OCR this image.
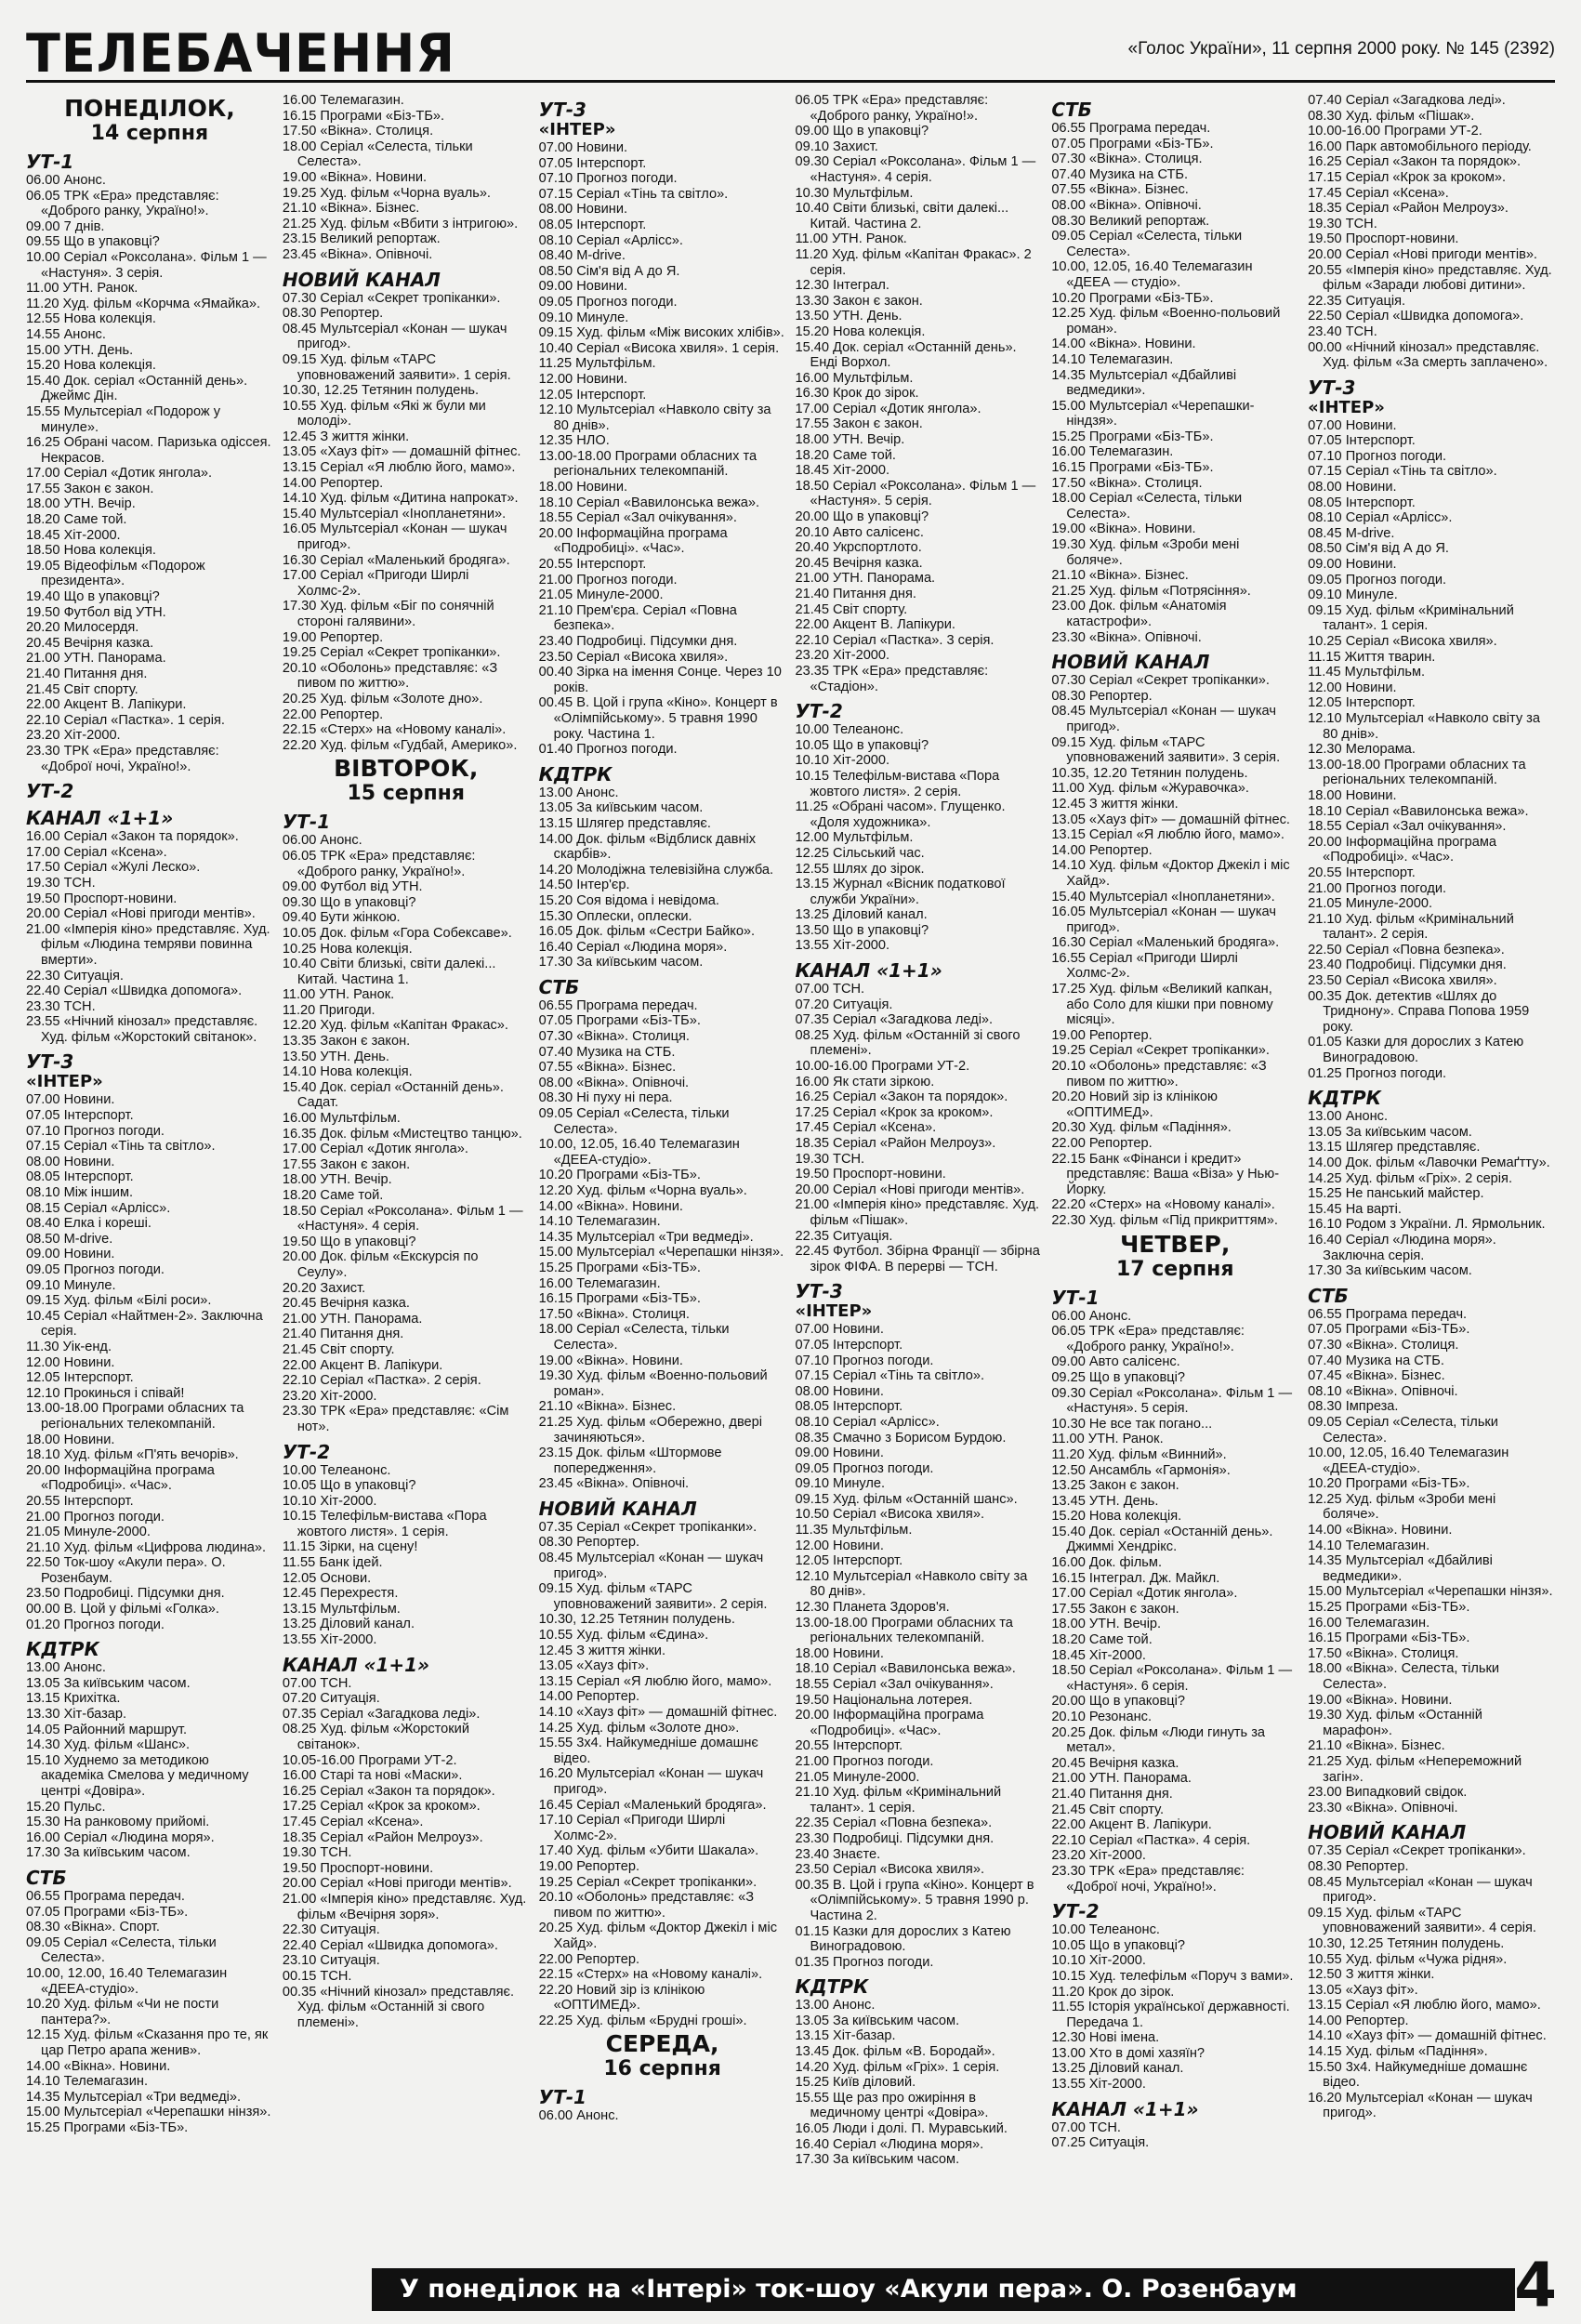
ТЕЛЕБАЧЕННЯ	«Голос України», 11 серпня 2000 року. № 145 (2392)
ПОНЕДІЛОК,
14 серпня
УТ-1
06.00 Анонс.
06.05 ТРК «Ера» представляє: «Доброго ранку, Україно!».
09.00 7 днів.
09.55 Що в упаковці?
10.00 Серіал «Роксолана». Фільм 1 — «Настуня». 3 серія.
11.00 УТН. Ранок.
11.20 Худ. фільм «Корчма «Ямайка».
12.55 Нова колекція.
14.55 Анонс.
15.00 УТН. День.
15.20 Нова колекція.
15.40 Док. серіал «Останній день». Джеймс Дін.
15.55 Мультсеріал «Подорож у минуле».
16.25 Обрані часом. Паризька одіссея. Некрасов.
17.00 Серіал «Дотик янгола».
17.55 Закон є закон.
18.00 УТН. Вечір.
18.20 Саме той.
18.45 Хіт-2000.
18.50 Нова колекція.
19.05 Відеофільм «Подорож президента».
19.40 Що в упаковці?
19.50 Футбол від УТН.
20.20 Милосердя.
20.45 Вечірня казка.
21.00 УТН. Панорама.
21.40 Питання дня.
21.45 Світ спорту.
22.00 Акцент В. Лапікури.
22.10 Серіал «Пастка». 1 серія.
23.20 Хіт-2000.
23.30 ТРК «Ера» представляє: «Доброї ночі, Україно!».
УТ-2
КАНАЛ «1+1»
16.00 Серіал «Закон та порядок».
17.00 Серіал «Ксена».
17.50 Серіал «Жулі Леско».
19.30 ТСН.
19.50 Проспорт-новини.
20.00 Серіал «Нові пригоди ментів».
21.00 «Імперія кіно» представляє. Худ. фільм «Людина темряви повинна вмерти».
22.30 Ситуація.
22.40 Серіал «Швидка допомога».
23.30 ТСН.
23.55 «Нічний кінозал» представляє. Худ. фільм «Жорстокий світанок».
УТ-3
«ІНТЕР»
07.00 Новини.
07.05 Інтерспорт.
07.10 Прогноз погоди.
07.15 Серіал «Тінь та світло».
08.00 Новини.
08.05 Інтерспорт.
08.10 Між іншим.
08.15 Серіал «Арлісс».
08.40 Елка і кореші.
08.50 M-drive.
09.00 Новини.
09.05 Прогноз погоди.
09.10 Минуле.
09.15 Худ. фільм «Білі роси».
10.45 Серіал «Найтмен-2». Заключна серія.
11.30 Уік-енд.
12.00 Новини.
12.05 Інтерспорт.
12.10 Прокинься і співай!
13.00-18.00 Програми обласних та регіональних телекомпаній.
18.00 Новини.
18.10 Худ. фільм «П'ять вечорів».
20.00 Інформаційна програма «Подробиці». «Час».
20.55 Інтерспорт.
21.00 Прогноз погоди.
21.05 Минуле-2000.
21.10 Худ. фільм «Цифрова людина».
22.50 Ток-шоу «Акули пера». О. Розенбаум.
23.50 Подробиці. Підсумки дня.
00.00 В. Цой у фільмі «Голка».
01.20 Прогноз погоди.
КДТРК
13.00 Анонс.
13.05 За київським часом.
13.15 Крихітка.
13.30 Хіт-базар.
14.05 Районний маршрут.
14.30 Худ. фільм «Шанс».
15.10 Худнемо за методикою академіка Смелова у медичному центрі «Довіра».
15.20 Пульс.
15.30 На ранковому прийомі.
16.00 Серіал «Людина моря».
17.30 За київським часом.
СТБ
06.55 Програма передач.
07.05 Програми «Біз-ТБ».
08.30 «Вікна». Спорт.
09.05 Серіал «Селеста, тільки Селеста».
10.00, 12.00, 16.40 Телемагазин «ДЕЕА-студіо».
10.20 Худ. фільм «Чи не пости пантера?».
12.15 Худ. фільм «Сказання про те, як цар Петро арапа женив».
14.00 «Вікна». Новини.
14.10 Телемагазин.
14.35 Мультсеріал «Три ведмеді».
15.00 Мультсеріал «Черепашки нінзя».
15.25 Програми «Біз-ТБ».
16.00 Телемагазин.
16.15 Програми «Біз-ТБ».
17.50 «Вікна». Столиця.
18.00 Серіал «Селеста, тільки Селеста».
19.00 «Вікна». Новини.
19.25 Худ. фільм «Чорна вуаль».
21.10 «Вікна». Бізнес.
21.25 Худ. фільм «Вбити з інтригою».
23.15 Великий репортаж.
23.45 «Вікна». Опівночі.
НОВИЙ КАНАЛ
07.30 Серіал «Секрет тропіканки».
08.30 Репортер.
08.45 Мультсеріал «Конан — шукач пригод».
09.15 Худ. фільм «ТАРС уповноважений заявити». 1 серія.
10.30, 12.25 Тетянин полудень.
10.55 Худ. фільм «Які ж були ми молоді».
12.45 З життя жінки.
13.05 «Хауз фіт» — домашній фітнес.
13.15 Серіал «Я люблю його, мамо».
14.00 Репортер.
14.10 Худ. фільм «Дитина напрокат».
15.40 Мультсеріал «Інопланетяни».
16.05 Мультсеріал «Конан — шукач пригод».
16.30 Серіал «Маленький бродяга».
17.00 Серіал «Пригоди Ширлі Холмс-2».
17.30 Худ. фільм «Біг по сонячній стороні галявини».
19.00 Репортер.
19.25 Серіал «Секрет тропіканки».
20.10 «Оболонь» представляє: «З пивом по життю».
20.25 Худ. фільм «Золоте дно».
22.00 Репортер.
22.15 «Стерх» на «Новому каналі».
22.20 Худ. фільм «Гудбай, Америко».
ВІВТОРОК,
15 серпня
УТ-1
06.00 Анонс.
06.05 ТРК «Ера» представляє: «Доброго ранку, Україно!».
09.00 Футбол від УТН.
09.30 Що в упаковці?
09.40 Бути жінкою.
10.05 Док. фільм «Гора Собексаве».
10.25 Нова колекція.
10.40 Світи близькі, світи далекі... Китай. Частина 1.
11.00 УТН. Ранок.
11.20 Пригоди.
12.20 Худ. фільм «Капітан Фракас».
13.35 Закон є закон.
13.50 УТН. День.
14.10 Нова колекція.
15.40 Док. серіал «Останній день». Садат.
16.00 Мультфільм.
16.35 Док. фільм «Мистецтво танцю».
17.00 Серіал «Дотик янгола».
17.55 Закон є закон.
18.00 УТН. Вечір.
18.20 Саме той.
18.50 Серіал «Роксолана». Фільм 1 — «Настуня». 4 серія.
19.50 Що в упаковці?
20.00 Док. фільм «Екскурсія по Сеулу».
20.20 Захист.
20.45 Вечірня казка.
21.00 УТН. Панорама.
21.40 Питання дня.
21.45 Світ спорту.
22.00 Акцент В. Лапікури.
22.10 Серіал «Пастка». 2 серія.
23.20 Хіт-2000.
23.30 ТРК «Ера» представляє: «Сім нот».
УТ-2
10.00 Телеанонс.
10.05 Що в упаковці?
10.10 Хіт-2000.
10.15 Телефільм-вистава «Пора жовтого листя». 1 серія.
11.15 Зірки, на сцену!
11.55 Банк ідей.
12.05 Основи.
12.45 Перехрестя.
13.15 Мультфільм.
13.25 Діловий канал.
13.55 Хіт-2000.
КАНАЛ «1+1»
07.00 ТСН.
07.20 Ситуація.
07.35 Серіал «Загадкова леді».
08.25 Худ. фільм «Жорстокий світанок».
10.05-16.00 Програми УТ-2.
16.00 Старі та нові «Маски».
16.25 Серіал «Закон та порядок».
17.25 Серіал «Крок за кроком».
17.45 Серіал «Ксена».
18.35 Серіал «Район Мелроуз».
19.30 ТСН.
19.50 Проспорт-новини.
20.00 Серіал «Нові пригоди ментів».
21.00 «Імперія кіно» представляє. Худ. фільм «Вечірня зоря».
22.30 Ситуація.
22.40 Серіал «Швидка допомога».
23.10 Ситуація.
00.15 ТСН.
00.35 «Нічний кінозал» представляє. Худ. фільм «Останній зі свого племені».
УТ-3
«ІНТЕР»
07.00 Новини.
07.05 Інтерспорт.
07.10 Прогноз погоди.
07.15 Серіал «Тінь та світло».
08.00 Новини.
08.05 Інтерспорт.
08.10 Серіал «Арлісс».
08.40 M-drive.
08.50 Сім'я від А до Я.
09.00 Новини.
09.05 Прогноз погоди.
09.10 Минуле.
09.15 Худ. фільм «Між високих хлібів».
10.40 Серіал «Висока хвиля». 1 серія.
11.25 Мультфільм.
12.00 Новини.
12.05 Інтерспорт.
12.10 Мультсеріал «Навколо світу за 80 днів».
12.35 НЛО.
13.00-18.00 Програми обласних та регіональних телекомпаній.
18.00 Новини.
18.10 Серіал «Вавилонська вежа».
18.55 Серіал «Зал очікування».
20.00 Інформаційна програма «Подробиці». «Час».
20.55 Інтерспорт.
21.00 Прогноз погоди.
21.05 Минуле-2000.
21.10 Прем'єра. Серіал «Повна безпека».
23.40 Подробиці. Підсумки дня.
23.50 Серіал «Висока хвиля».
00.40 Зірка на імення Сонце. Через 10 років.
00.45 В. Цой і група «Кіно». Концерт в «Олімпійському». 5 травня 1990 року. Частина 1.
01.40 Прогноз погоди.
КДТРК
13.00 Анонс.
13.05 За київським часом.
13.15 Шлягер представляє.
14.00 Док. фільм «Відблиск давніх скарбів».
14.20 Молодіжна телевізійна служба.
14.50 Інтер'єр.
15.20 Соя відома і невідома.
15.30 Оплески, оплески.
16.05 Док. фільм «Сестри Байко».
16.40 Серіал «Людина моря».
17.30 За київським часом.
СТБ
06.55 Програма передач.
07.05 Програми «Біз-ТБ».
07.30 «Вікна». Столиця.
07.40 Музика на СТБ.
07.55 «Вікна». Бізнес.
08.00 «Вікна». Опівночі.
08.30 Ні пуху ні пера.
09.05 Серіал «Селеста, тільки Селеста».
10.00, 12.05, 16.40 Телемагазин «ДЕЕА-студіо».
10.20 Програми «Біз-ТБ».
12.20 Худ. фільм «Чорна вуаль».
14.00 «Вікна». Новини.
14.10 Телемагазин.
14.35 Мультсеріал «Три ведмеді».
15.00 Мультсеріал «Черепашки нінзя».
15.25 Програми «Біз-ТБ».
16.00 Телемагазин.
16.15 Програми «Біз-ТБ».
17.50 «Вікна». Столиця.
18.00 Серіал «Селеста, тільки Селеста».
19.00 «Вікна». Новини.
19.30 Худ. фільм «Военно-польовий роман».
21.10 «Вікна». Бізнес.
21.25 Худ. фільм «Обережно, двері зачиняються».
23.15 Док. фільм «Штормове попередження».
23.45 «Вікна». Опівночі.
НОВИЙ КАНАЛ
07.35 Серіал «Секрет тропіканки».
08.30 Репортер.
08.45 Мультсеріал «Конан — шукач пригод».
09.15 Худ. фільм «ТАРС уповноважений заявити». 2 серія.
10.30, 12.25 Тетянин полудень.
10.55 Худ. фільм «Єдина».
12.45 З життя жінки.
13.05 «Хауз фіт».
13.15 Серіал «Я люблю його, мамо».
14.00 Репортер.
14.10 «Хауз фіт» — домашній фітнес.
14.25 Худ. фільм «Золоте дно».
15.55 3х4. Найкумедніше домашнє відео.
16.20 Мультсеріал «Конан — шукач пригод».
16.45 Серіал «Маленький бродяга».
17.10 Серіал «Пригоди Ширлі Холмс-2».
17.40 Худ. фільм «Убити Шакала».
19.00 Репортер.
19.25 Серіал «Секрет тропіканки».
20.10 «Оболонь» представляє: «З пивом по життю».
20.25 Худ. фільм «Доктор Джекіл і міс Хайд».
22.00 Репортер.
22.15 «Стерх» на «Новому каналі».
22.20 Новий зір із клінікою «ОПТИМЕД».
22.25 Худ. фільм «Брудні гроші».
СЕРЕДА,
16 серпня
УТ-1
06.00 Анонс.
06.05 ТРК «Ера» представляє: «Доброго ранку, Україно!».
09.00 Що в упаковці?
09.10 Захист.
09.30 Серіал «Роксолана». Фільм 1 — «Настуня». 4 серія.
10.30 Мультфільм.
10.40 Світи близькі, світи далекі... Китай. Частина 2.
11.00 УТН. Ранок.
11.20 Худ. фільм «Капітан Фракас». 2 серія.
12.30 Інтеграл.
13.30 Закон є закон.
13.50 УТН. День.
15.20 Нова колекція.
15.40 Док. серіал «Останній день». Енді Ворхол.
16.00 Мультфільм.
16.30 Крок до зірок.
17.00 Серіал «Дотик янгола».
17.55 Закон є закон.
18.00 УТН. Вечір.
18.20 Саме той.
18.45 Хіт-2000.
18.50 Серіал «Роксолана». Фільм 1 — «Настуня». 5 серія.
20.00 Що в упаковці?
20.10 Авто салісенс.
20.40 Укрспортлото.
20.45 Вечірня казка.
21.00 УТН. Панорама.
21.40 Питання дня.
21.45 Світ спорту.
22.00 Акцент В. Лапікури.
22.10 Серіал «Пастка». 3 серія.
23.20 Хіт-2000.
23.35 ТРК «Ера» представляє: «Стадіон».
УТ-2
10.00 Телеанонс.
10.05 Що в упаковці?
10.10 Хіт-2000.
10.15 Телефільм-вистава «Пора жовтого листя». 2 серія.
11.25 «Обрані часом». Глущенко. «Доля художника».
12.00 Мультфільм.
12.25 Сільський час.
12.55 Шлях до зірок.
13.15 Журнал «Вісник податкової служби України».
13.25 Діловий канал.
13.50 Що в упаковці?
13.55 Хіт-2000.
КАНАЛ «1+1»
07.00 ТСН.
07.20 Ситуація.
07.35 Серіал «Загадкова леді».
08.25 Худ. фільм «Останній зі свого племені».
10.00-16.00 Програми УТ-2.
16.00 Як стати зіркою.
16.25 Серіал «Закон та порядок».
17.25 Серіал «Крок за кроком».
17.45 Серіал «Ксена».
18.35 Серіал «Район Мелроуз».
19.30 ТСН.
19.50 Проспорт-новини.
20.00 Серіал «Нові пригоди ментів».
21.00 «Імперія кіно» представляє. Худ. фільм «Пішак».
22.35 Ситуація.
22.45 Футбол. Збірна Франції — збірна зірок ФІФА. В перерві — ТСН.
УТ-3
«ІНТЕР»
07.00 Новини.
07.05 Інтерспорт.
07.10 Прогноз погоди.
07.15 Серіал «Тінь та світло».
08.00 Новини.
08.05 Інтерспорт.
08.10 Серіал «Арлісс».
08.35 Смачно з Борисом Бурдою.
09.00 Новини.
09.05 Прогноз погоди.
09.10 Минуле.
09.15 Худ. фільм «Останній шанс».
10.50 Серіал «Висока хвиля».
11.35 Мультфільм.
12.00 Новини.
12.05 Інтерспорт.
12.10 Мультсеріал «Навколо світу за 80 днів».
12.30 Планета Здоров'я.
13.00-18.00 Програми обласних та регіональних телекомпаній.
18.00 Новини.
18.10 Серіал «Вавилонська вежа».
18.55 Серіал «Зал очікування».
19.50 Національна лотерея.
20.00 Інформаційна програма «Подробиці». «Час».
20.55 Інтерспорт.
21.00 Прогноз погоди.
21.05 Минуле-2000.
21.10 Худ. фільм «Кримінальний талант». 1 серія.
22.35 Серіал «Повна безпека».
23.30 Подробиці. Підсумки дня.
23.40 Знаєте.
23.50 Серіал «Висока хвиля».
00.35 В. Цой і група «Кіно». Концерт в «Олімпійському». 5 травня 1990 р. Частина 2.
01.15 Казки для дорослих з Катею Виноградовою.
01.35 Прогноз погоди.
КДТРК
13.00 Анонс.
13.05 За київським часом.
13.15 Хіт-базар.
13.45 Док. фільм «В. Бородай».
14.20 Худ. фільм «Гріх». 1 серія.
15.25 Київ діловий.
15.55 Ще раз про ожиріння в медичному центрі «Довіра».
16.05 Люди і долі. П. Муравський.
16.40 Серіал «Людина моря».
17.30 За київським часом.
СТБ
06.55 Програма передач.
07.05 Програми «Біз-ТБ».
07.30 «Вікна». Столиця.
07.40 Музика на СТБ.
07.55 «Вікна». Бізнес.
08.00 «Вікна». Опівночі.
08.30 Великий репортаж.
09.05 Серіал «Селеста, тільки Селеста».
10.00, 12.05, 16.40 Телемагазин «ДЕЕА — студіо».
10.20 Програми «Біз-ТБ».
12.25 Худ. фільм «Военно-польовий роман».
14.00 «Вікна». Новини.
14.10 Телемагазин.
14.35 Мультсеріал «Дбайливі ведмедики».
15.00 Мультсеріал «Черепашки-ніндзя».
15.25 Програми «Біз-ТБ».
16.00 Телемагазин.
16.15 Програми «Біз-ТБ».
17.50 «Вікна». Столиця.
18.00 Серіал «Селеста, тільки Селеста».
19.00 «Вікна». Новини.
19.30 Худ. фільм «Зроби мені боляче».
21.10 «Вікна». Бізнес.
21.25 Худ. фільм «Потрясіння».
23.00 Док. фільм «Анатомія катастрофи».
23.30 «Вікна». Опівночі.
НОВИЙ КАНАЛ
07.30 Серіал «Секрет тропіканки».
08.30 Репортер.
08.45 Мультсеріал «Конан — шукач пригод».
09.15 Худ. фільм «ТАРС уповноважений заявити». 3 серія.
10.35, 12.20 Тетянин полудень.
11.00 Худ. фільм «Журавочка».
12.45 З життя жінки.
13.05 «Хауз фіт» — домашній фітнес.
13.15 Серіал «Я люблю його, мамо».
14.00 Репортер.
14.10 Худ. фільм «Доктор Джекіл і міс Хайд».
15.40 Мультсеріал «Інопланетяни».
16.05 Мультсеріал «Конан — шукач пригод».
16.30 Серіал «Маленький бродяга».
16.55 Серіал «Пригоди Ширлі Холмс-2».
17.25 Худ. фільм «Великий капкан, або Соло для кішки при повному місяці».
19.00 Репортер.
19.25 Серіал «Секрет тропіканки».
20.10 «Оболонь» представляє: «З пивом по життю».
20.20 Новий зір із клінікою «ОПТИМЕД».
20.30 Худ. фільм «Падіння».
22.00 Репортер.
22.15 Банк «Фінанси і кредит» представляє: Ваша «Віза» у Нью-Йорку.
22.20 «Стерх» на «Новому каналі».
22.30 Худ. фільм «Під прикриттям».
ЧЕТВЕР,
17 серпня
УТ-1
06.00 Анонс.
06.05 ТРК «Ера» представляє: «Доброго ранку, Україно!».
09.00 Авто салісенс.
09.25 Що в упаковці?
09.30 Серіал «Роксолана». Фільм 1 — «Настуня». 5 серія.
10.30 Не все так погано...
11.00 УТН. Ранок.
11.20 Худ. фільм «Винний».
12.50 Ансамбль «Гармонія».
13.25 Закон є закон.
13.45 УТН. День.
15.20 Нова колекція.
15.40 Док. серіал «Останній день». Джиммі Хендрікс.
16.00 Док. фільм.
16.15 Інтеграл. Дж. Майкл.
17.00 Серіал «Дотик янгола».
17.55 Закон є закон.
18.00 УТН. Вечір.
18.20 Саме той.
18.45 Хіт-2000.
18.50 Серіал «Роксолана». Фільм 1 — «Настуня». 6 серія.
20.00 Що в упаковці?
20.10 Резонанс.
20.25 Док. фільм «Люди гинуть за метал».
20.45 Вечірня казка.
21.00 УТН. Панорама.
21.40 Питання дня.
21.45 Світ спорту.
22.00 Акцент В. Лапікури.
22.10 Серіал «Пастка». 4 серія.
23.20 Хіт-2000.
23.30 ТРК «Ера» представляє: «Доброї ночі, Україно!».
УТ-2
10.00 Телеанонс.
10.05 Що в упаковці?
10.10 Хіт-2000.
10.15 Худ. телефільм «Поруч з вами».
11.20 Крок до зірок.
11.55 Історія української державності. Передача 1.
12.30 Нові імена.
13.00 Хто в домі хазяїн?
13.25 Діловий канал.
13.55 Хіт-2000.
КАНАЛ «1+1»
07.00 ТСН.
07.25 Ситуація.
07.40 Серіал «Загадкова леді».
08.30 Худ. фільм «Пішак».
10.00-16.00 Програми УТ-2.
16.00 Парк автомобільного періоду.
16.25 Серіал «Закон та порядок».
17.15 Серіал «Крок за кроком».
17.45 Серіал «Ксена».
18.35 Серіал «Район Мелроуз».
19.30 ТСН.
19.50 Проспорт-новини.
20.00 Серіал «Нові пригоди ментів».
20.55 «Імперія кіно» представляє. Худ. фільм «Заради любові дитини».
22.35 Ситуація.
22.50 Серіал «Швидка допомога».
23.40 ТСН.
00.00 «Нічний кінозал» представляє. Худ. фільм «За смерть заплачено».
УТ-3
«ІНТЕР»
07.00 Новини.
07.05 Інтерспорт.
07.10 Прогноз погоди.
07.15 Серіал «Тінь та світло».
08.00 Новини.
08.05 Інтерспорт.
08.10 Серіал «Арлісс».
08.45 M-drive.
08.50 Сім'я від А до Я.
09.00 Новини.
09.05 Прогноз погоди.
09.10 Минуле.
09.15 Худ. фільм «Кримінальний талант». 1 серія.
10.25 Серіал «Висока хвиля».
11.15 Життя тварин.
11.45 Мультфільм.
12.00 Новини.
12.05 Інтерспорт.
12.10 Мультсеріал «Навколо світу за 80 днів».
12.30 Мелорама.
13.00-18.00 Програми обласних та регіональних телекомпаній.
18.00 Новини.
18.10 Серіал «Вавилонська вежа».
18.55 Серіал «Зал очікування».
20.00 Інформаційна програма «Подробиці». «Час».
20.55 Інтерспорт.
21.00 Прогноз погоди.
21.05 Минуле-2000.
21.10 Худ. фільм «Кримінальний талант». 2 серія.
22.50 Серіал «Повна безпека».
23.40 Подробиці. Підсумки дня.
23.50 Серіал «Висока хвиля».
00.35 Док. детектив «Шлях до Триднону». Справа Попова 1959 року.
01.05 Казки для дорослих з Катею Виноградовою.
01.25 Прогноз погоди.
КДТРК
13.00 Анонс.
13.05 За київським часом.
13.15 Шлягер представляє.
14.00 Док. фільм «Лавочки Ремаґтту».
14.25 Худ. фільм «Гріх». 2 серія.
15.25 Не панський майстер.
15.45 На варті.
16.10 Родом з України. Л. Ярмольник.
16.40 Серіал «Людина моря». Заключна серія.
17.30 За київським часом.
СТБ
06.55 Програма передач.
07.05 Програми «Біз-ТБ».
07.30 «Вікна». Столиця.
07.40 Музика на СТБ.
07.45 «Вікна». Бізнес.
08.10 «Вікна». Опівночі.
08.30 Імпреза.
09.05 Серіал «Селеста, тільки Селеста».
10.00, 12.05, 16.40 Телемагазин «ДЕЕА-студіо».
10.20 Програми «Біз-ТБ».
12.25 Худ. фільм «Зроби мені боляче».
14.00 «Вікна». Новини.
14.10 Телемагазин.
14.35 Мультсеріал «Дбайливі ведмедики».
15.00 Мультсеріал «Черепашки нінзя».
15.25 Програми «Біз-ТБ».
16.00 Телемагазин.
16.15 Програми «Біз-ТБ».
17.50 «Вікна». Столиця.
18.00 «Вікна». Селеста, тільки Селеста».
19.00 «Вікна». Новини.
19.30 Худ. фільм «Останній марафон».
21.10 «Вікна». Бізнес.
21.25 Худ. фільм «Непереможний загін».
23.00 Випадковий свідок.
23.30 «Вікна». Опівночі.
НОВИЙ КАНАЛ
07.35 Серіал «Секрет тропіканки».
08.30 Репортер.
08.45 Мультсеріал «Конан — шукач пригод».
09.15 Худ. фільм «ТАРС уповноважений заявити». 4 серія.
10.30, 12.25 Тетянин полудень.
10.55 Худ. фільм «Чужа рідня».
12.50 З життя жінки.
13.05 «Хауз фіт».
13.15 Серіал «Я люблю його, мамо».
14.00 Репортер.
14.10 «Хауз фіт» — домашній фітнес.
14.15 Худ. фільм «Падіння».
15.50 3х4. Найкумедніше домашнє відео.
16.20 Мультсеріал «Конан — шукач пригод».
У понеділок на «Інтері» ток-шоу «Акули пера». О. Розенбаум	4
